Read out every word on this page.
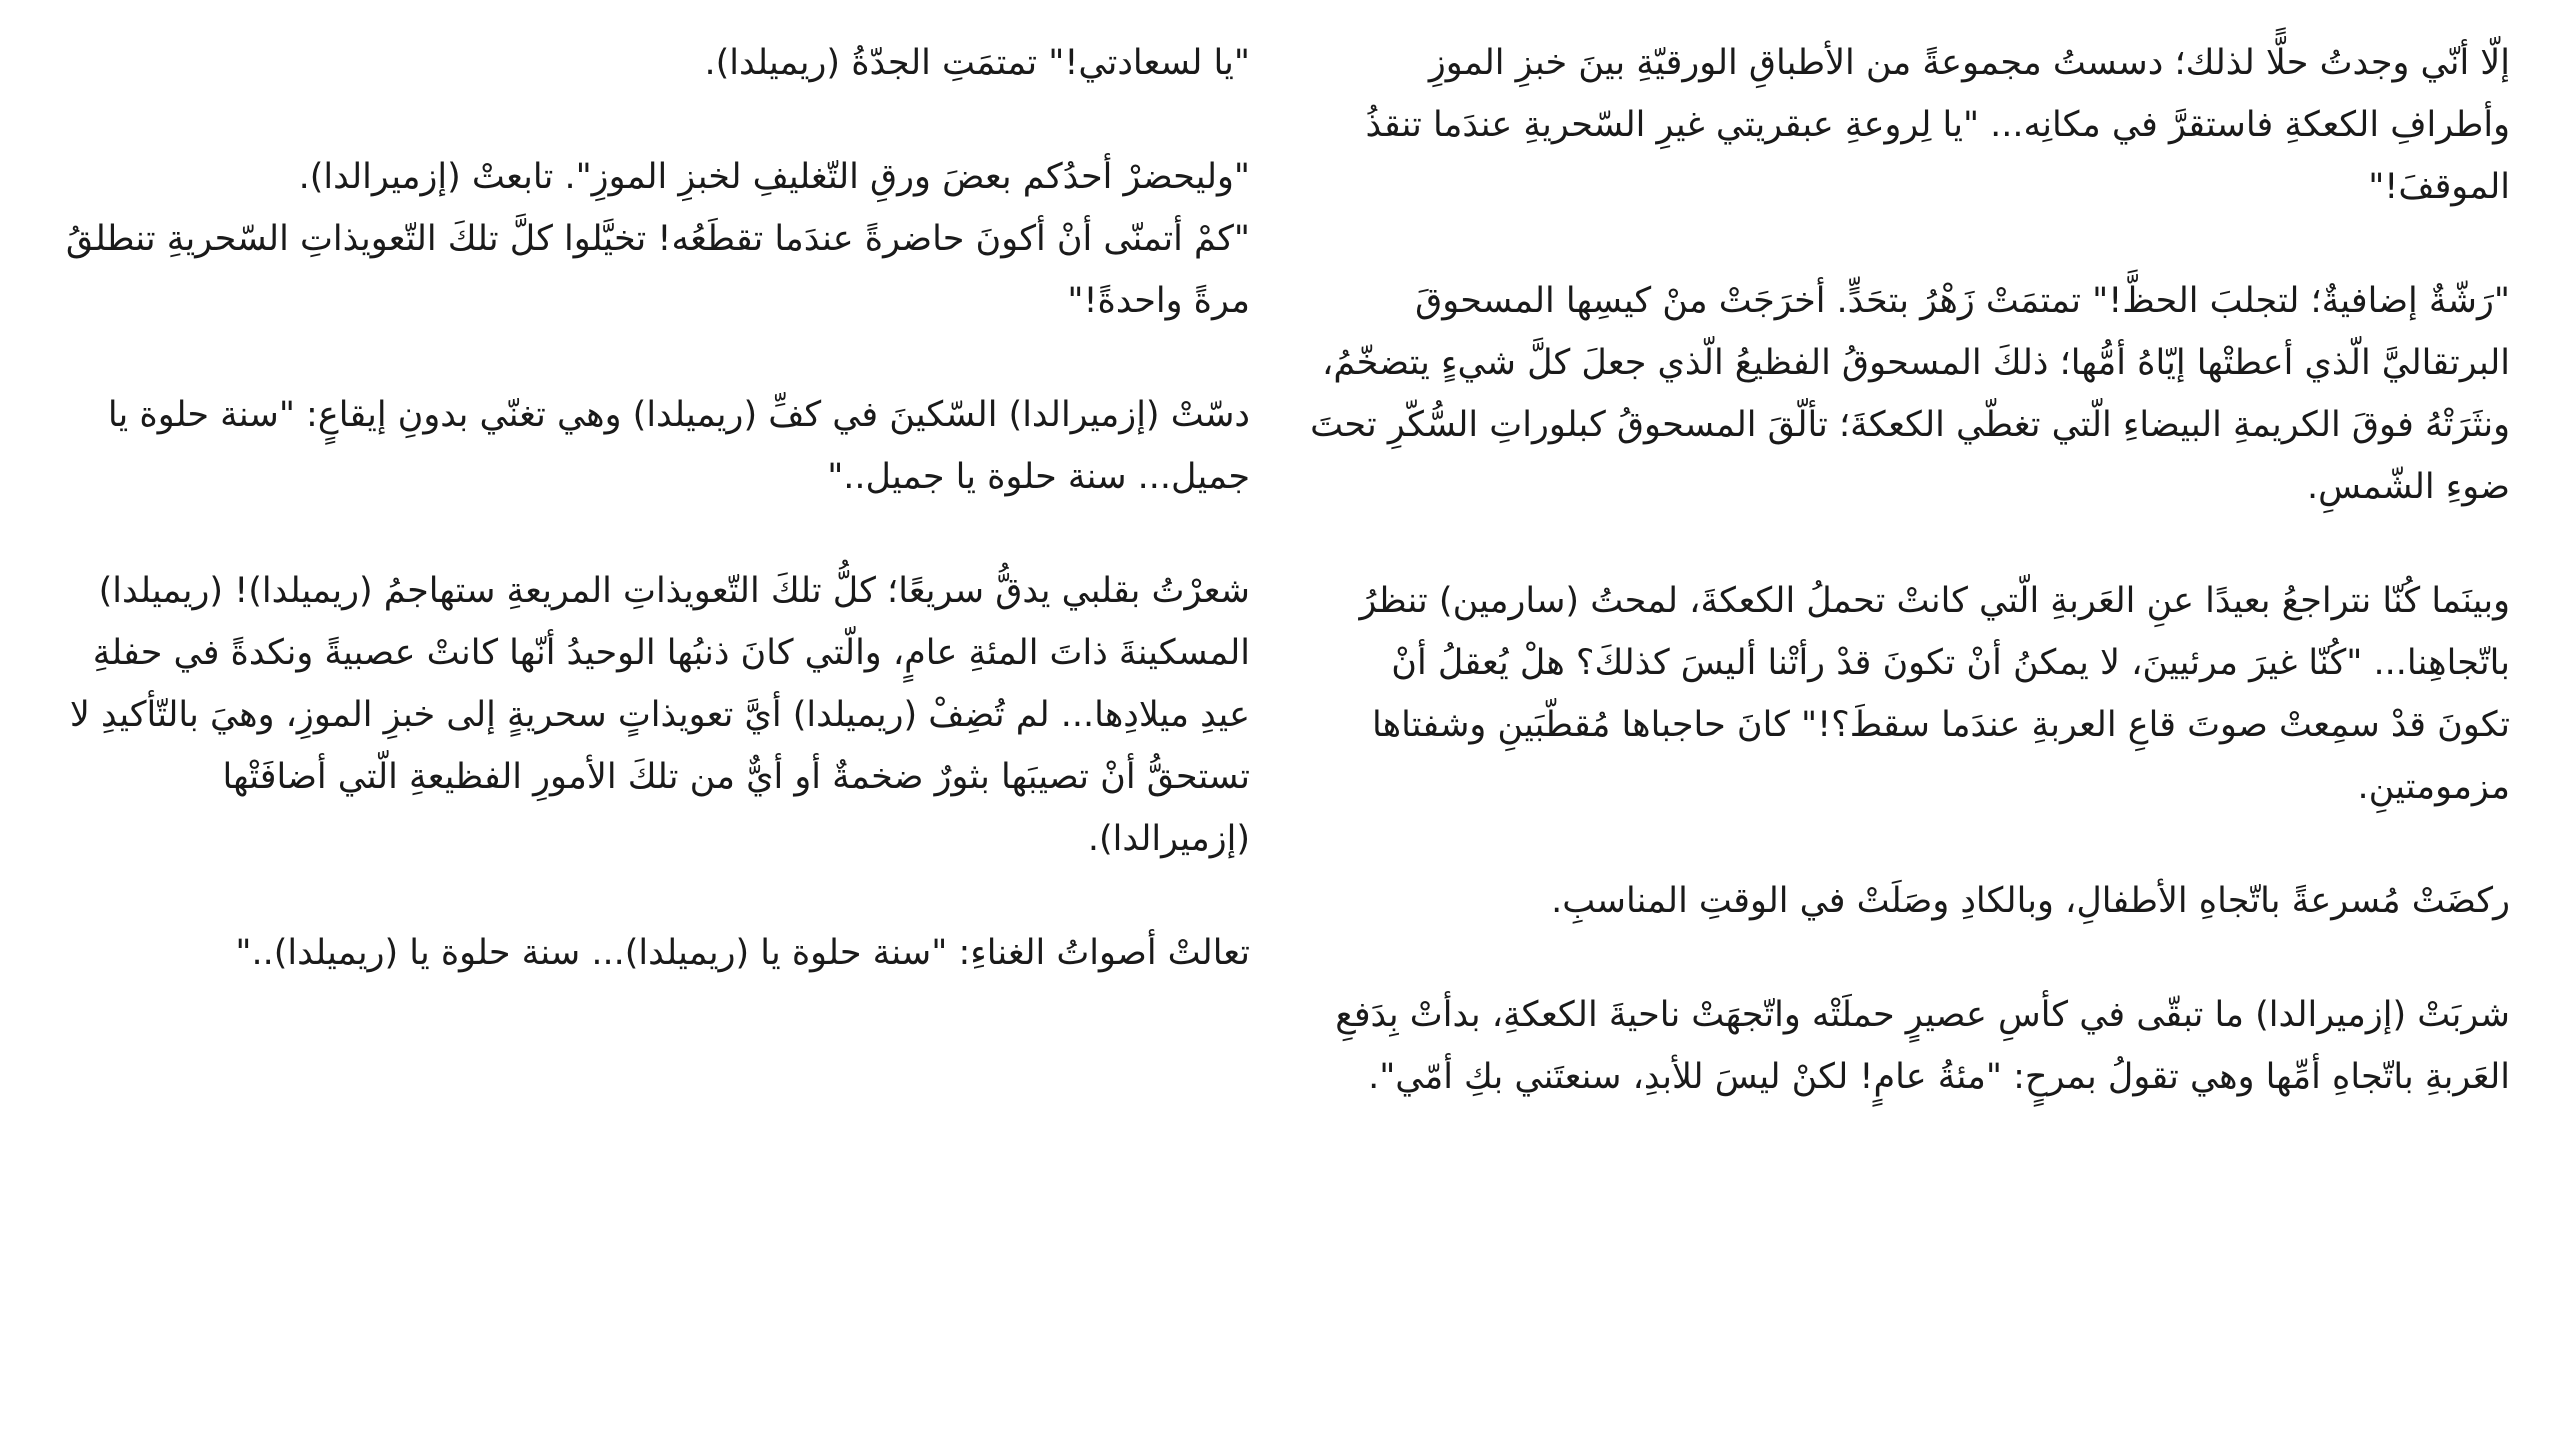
إلّا أنّي وجدتُ حلًّا لذلك؛ دسستُ مجموعةً من الأطباقِ الورقيّةِ بينَ خبزِ الموزِ وأطرافِ الكعكةِ فاستقرَّ في مكانِه... "يا لِروعةِ عبقريتي غيرِ السّحريةِ عندَما تنقذُ الموقفَ!"

"رَشّةٌ إضافيةٌ؛ لتجلبَ الحظَّ!" تمتمَتْ زَهْرُ بتحَدٍّ. أخرَجَتْ منْ كيسِها المسحوقَ البرتقاليَّ الّذي أعطتْها إيّاهُ أمُّها؛ ذلكَ المسحوقُ الفظيعُ الّذي جعلَ كلَّ شيءٍ يتضخّمُ، ونثَرَتْهُ فوقَ الكريمةِ البيضاءِ الّتي تغطّي الكعكةَ؛ تألّقَ المسحوقُ كبلوراتِ السُّكّرِ تحتَ ضوءِ الشّمسِ.

وبينَما كُنّا نتراجعُ بعيدًا عنِ العَربةِ الّتي كانتْ تحملُ الكعكةَ، لمحتُ (سارمين) تنظرُ باتّجاهِنا... "كُنّا غيرَ مرئيينَ، لا يمكنُ أنْ تكونَ قدْ رأتْنا أليسَ كذلكَ؟ هلْ يُعقلُ أنْ تكونَ قدْ سمِعتْ صوتَ قاعِ العربةِ عندَما سقطَ؟!" كانَ حاجباها مُقطّبَينِ وشفتاها مزمومتينِ.

ركضَتْ مُسرعةً باتّجاهِ الأطفالِ، وبالكادِ وصَلَتْ في الوقتِ المناسبِ.

شربَتْ (إزميرالدا) ما تبقّى في كأسِ عصيرٍ حملَتْه واتّجهَتْ ناحيةَ الكعكةِ، بدأتْ بِدَفعِ العَربةِ باتّجاهِ أمِّها وهي تقولُ بمرحٍ: "مئةُ عامٍ! لكنْ ليسَ للأبدِ، سنعتَني بكِ أمّي".

"يا لسعادتي!" تمتمَتِ الجدّةُ (ريميلدا).

"وليحضرْ أحدُكم بعضَ ورقِ التّغليفِ لخبزِ الموزِ". تابعتْ (إزميرالدا).

"كمْ أتمنّى أنْ أكونَ حاضرةً عندَما تقطَعُه! تخيَّلوا كلَّ تلكَ التّعويذاتِ السّحريةِ تنطلقُ مرةً واحدةً!"

دسّتْ (إزميرالدا) السّكينَ في كفِّ (ريميلدا) وهي تغنّي بدونِ إيقاعٍ: "سنة حلوة يا جميل... سنة حلوة يا جميل.."

شعرْتُ بقلبي يدقُّ سريعًا؛ كلُّ تلكَ التّعويذاتِ المريعةِ ستهاجمُ (ريميلدا)! (ريميلدا) المسكينةَ ذاتَ المئةِ عامٍ، والّتي كانَ ذنبُها الوحيدُ أنّها كانتْ عصبيةً ونكدةً في حفلةِ عيدِ ميلادِها... لم تُضِفْ (ريميلدا) أيَّ تعويذاتٍ سحريةٍ إلى خبزِ الموزِ، وهيَ بالتّأكيدِ لا تستحقُّ أنْ تصيبَها بثورٌ ضخمةٌ أو أيٌّ من تلكَ الأمورِ الفظيعةِ الّتي أضافَتْها (إزميرالدا).

تعالتْ أصواتُ الغناءِ: "سنة حلوة يا (ريميلدا)... سنة حلوة يا (ريميلدا).."
